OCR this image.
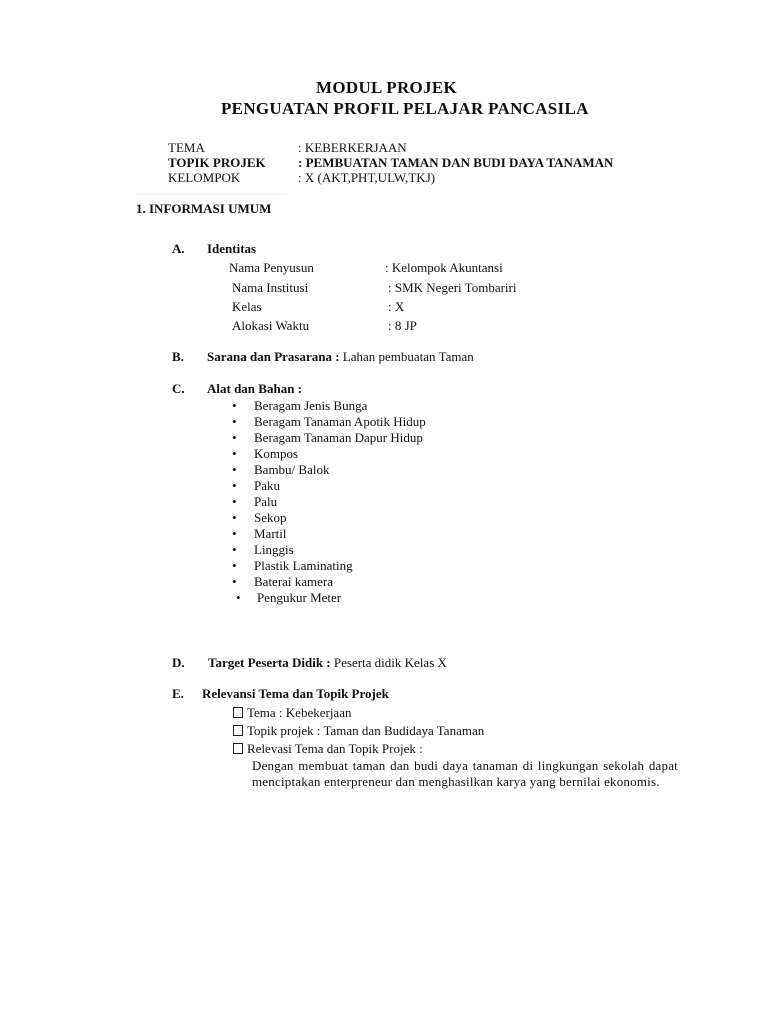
MODUL PROJEK
PENGUATAN PROFIL PELAJAR PANCASILA
TEMA	: KEBERKERJAAN
TOPIK PROJEK : PEMBUATAN TAMAN DAN BUDI DAYA TANAMAN
KELOMPOK	: X (AKT,PHT,ULW,TKJ)
1. INFORMASI UMUM
A. Identitas
Nama Penyusun	: Kelompok Akuntansi
Nama Institusi	: SMK Negeri Tombariri
Kelas	: X
Alokasi Waktu	: 8 JP
B. Sarana dan Prasarana : Lahan pembuatan Taman
C. Alat dan Bahan :
• Beragam Jenis Bunga
• Beragam Tanaman Apotik Hidup
• Beragam Tanaman Dapur Hidup
• Kompos
• Bambu/ Balok
• Paku
• Palu
• Sekop
• Martil
• Linggis
• Plastik Laminating
• Baterai kamera
• Pengukur Meter
D. Target Peserta Didik : Peserta didik Kelas X
E. Relevansi Tema dan Topik Projek
Tema : Kebekerjaan
Topik projek : Taman dan Budidaya Tanaman
Relevasi Tema dan Topik Projek :
Dengan membuat taman dan budi daya tanaman di lingkungan sekolah dapat menciptakan enterpreneur dan menghasilkan karya yang bernilai ekonomis.
